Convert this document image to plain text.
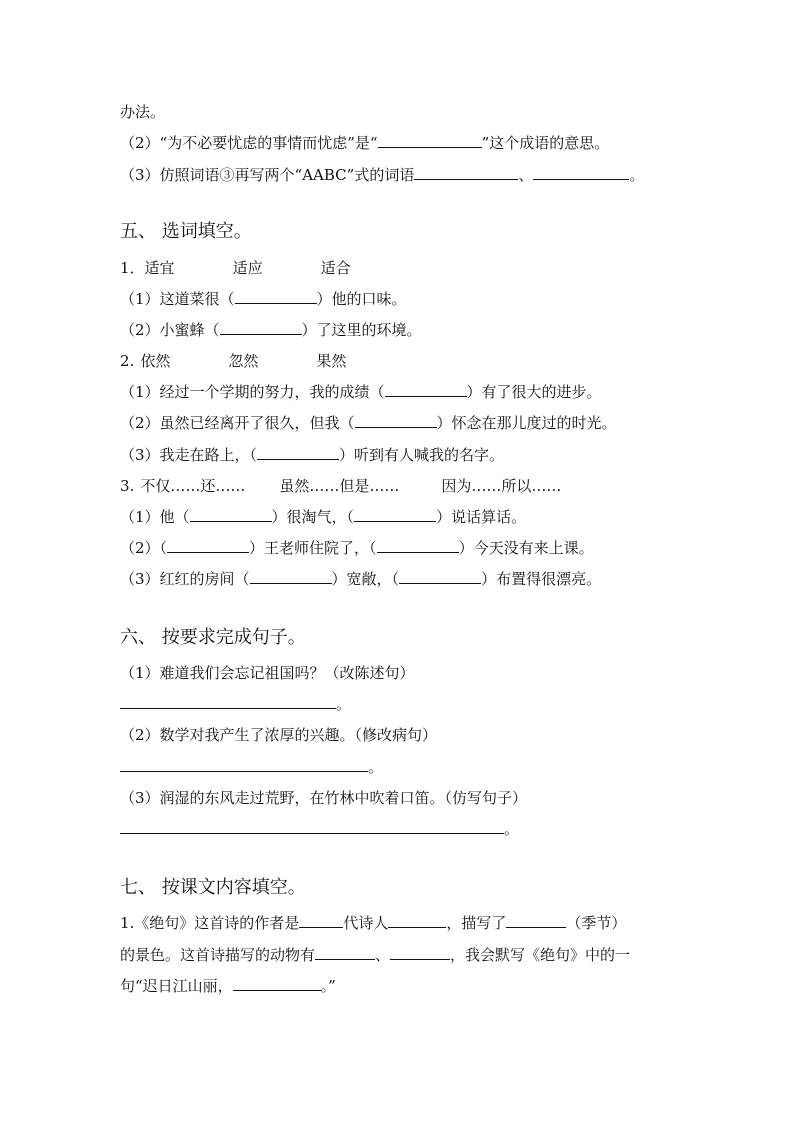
办法。
（2）“为不必要忧虑的事情而忧虑”是“	”这个成语的意思。
（3）仿照词语③再写两个“AABC”式的词语	、	。
五、 选词填空。
1．适宜	适应	适合
（1）这道菜很（	）他的口味。
（2）小蜜蜂（	）了这里的环境。
2. 依然	忽然	果然
（1）经过一个学期的努力，我的成绩（	）有了很大的进步。
（2）虽然已经离开了很久，但我（	）怀念在那儿度过的时光。
（3）我走在路上，（	）听到有人喊我的名字。
3. 不仅……还…… 虽然……但是……	因为……所以……
（1）他（	）很淘气，（	）说话算话。
（2）（	）王老师住院了，（	）今天没有来上课。
（3）红红的房间（	）宽敞，（	）布置得很漂亮。
六、 按要求完成句子。
（1）难道我们会忘记祖国吗？（改陈述句）
。
（2）数学对我产生了浓厚的兴趣。（修改病句）
。
（3）润湿的东风走过荒野，在竹林中吹着口笛。（仿写句子）
。
七、 按课文内容填空。
1.《绝句》这首诗的作者是	代诗人	，描写了	（季节）
的景色。这首诗描写的动物有	、	，我会默写《绝句》中的一
句“迟日江山丽，	。”
